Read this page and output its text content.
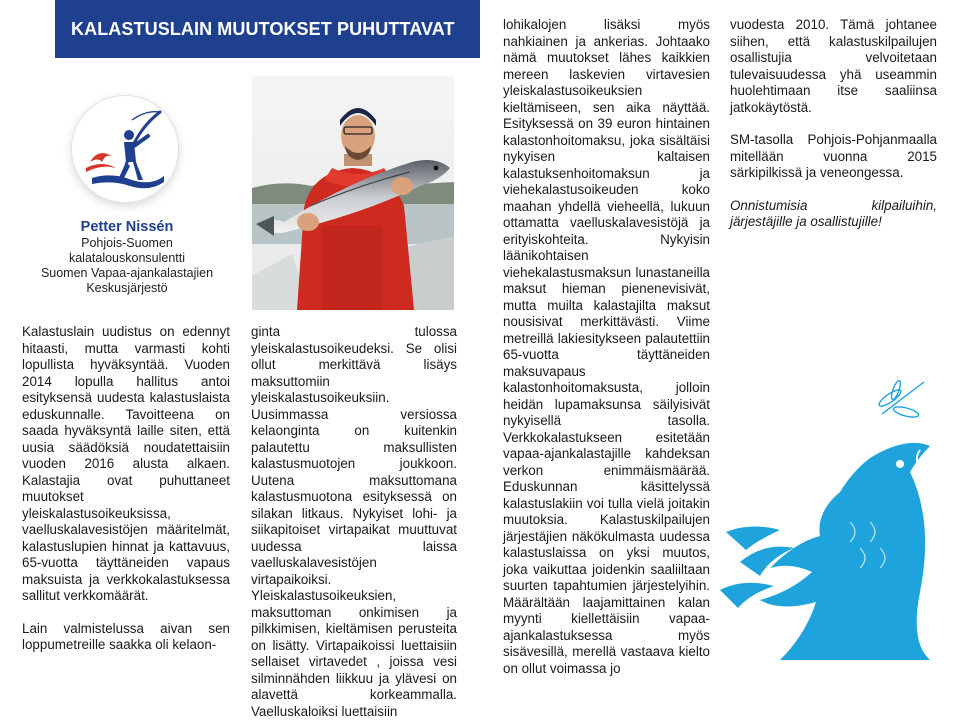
KALASTUSLAIN MUUTOKSET PUHUTTAVAT
Petter Nissén
Pohjois-Suomen
kalatalouskonsulentti
Suomen Vapaa-ajankalastajien
Keskusjärjestö

Kalastuslain uudistus on edennyt hitaasti, mutta varmasti kohti lopullista hyväksyntää. Vuoden 2014 lopulla hallitus antoi esityksensä uudesta kalastuslaista eduskunnalle. Tavoitteena on saada hyväksyntä laille siten, että uusia säädöksiä noudatettaisiin vuoden 2016 alusta alkaen. Kalastajia ovat puhuttaneet muutokset yleiskalastusoikeuksissa, vaelluskalavesistöjen määritelmät, kalastuslupien hinnat ja kattavuus, 65-vuotta täyttäneiden vapaus maksuista ja verkkokalastuksessa sallitut verkkomäärät.

Lain valmistelussa aivan sen loppumetreille saakka oli kelaon-

ginta tulossa yleiskalastusoikeudeksi. Se olisi ollut merkittävä lisäys maksuttomiin yleiskalastusoikeuksiin. Uusimmassa versiossa kelaonginta on kuitenkin palautettu maksullisten kalastusmuotojen joukkoon. Uutena maksuttomana kalastusmuotona esityksessä on silakan litkaus. Nykyiset lohi- ja siikapitoiset virtapaikat muuttuvat uudessa laissa vaelluskalavesistöjen virtapaikoiksi. Yleiskalastusoikeuksien, maksuttoman onkimisen ja pilkkimisen, kieltämisen perusteita on lisätty. Virtapaikoissi luettaisiin sellaiset virtavedet , joissa vesi silminnähden liikkuu ja ylävesi on alavettä korkeammalla. Vaelluskaloiksi luettaisiin

lohikalojen lisäksi myös nahkiainen ja ankerias. Johtaako nämä muutokset lähes kaikkien mereen laskevien virtavesien yleiskalastusoikeuksien kieltämiseen, sen aika näyttää. Esityksessä on 39 euron hintainen kalastonhoitomaksu, joka sisältäisi nykyisen kaltaisen kalastuksenhoitomaksun ja viehekalastusoikeuden koko maahan yhdellä vieheellä, lukuun ottamatta vaelluskalavesistöjä ja erityiskohteita. Nykyisin läänikohtaisen viehekalastusmaksun lunastaneilla maksut hieman pienenevisivät, mutta muilta kalastajilta maksut nousisivat merkittävästi. Viime metreillä lakiesitykseen palautettiin 65-vuotta täyttäneiden maksuvapaus kalastonhoitomaksusta, jolloin heidän lupamaksunsa säilyisivät nykyisellä tasolla. Verkkokalastukseen esitetään vapaa-ajankalastajille kahdeksan verkon enimmäismäärää. Eduskunnan käsittelyssä kalastuslakiin voi tulla vielä joitakin muutoksia. Kalastuskilpailujen järjestäjien näkökulmasta uudessa kalastuslaissa on yksi muutos, joka vaikuttaa joidenkin saaliiltaan suurten tapahtumien järjestelyihin. Määrältään laajamittainen kalan myynti kiellettäisiin vapaa-ajankalastuksessa myös sisävesillä, merellä vastaava kielto on ollut voimassa jo

vuodesta 2010. Tämä johtanee siihen, että kalastuskilpailujen osallistujia velvoitetaan tulevaisuudessa yhä useammin huolehtimaan itse saaliinsa jatkokäytöstä.

SM-tasolla Pohjois-Pohjanmaalla mitellään vuonna 2015 särkipilkissä ja veneongessa.

Onnistumisia kilpailuihin, järjestäjille ja osallistujille!
